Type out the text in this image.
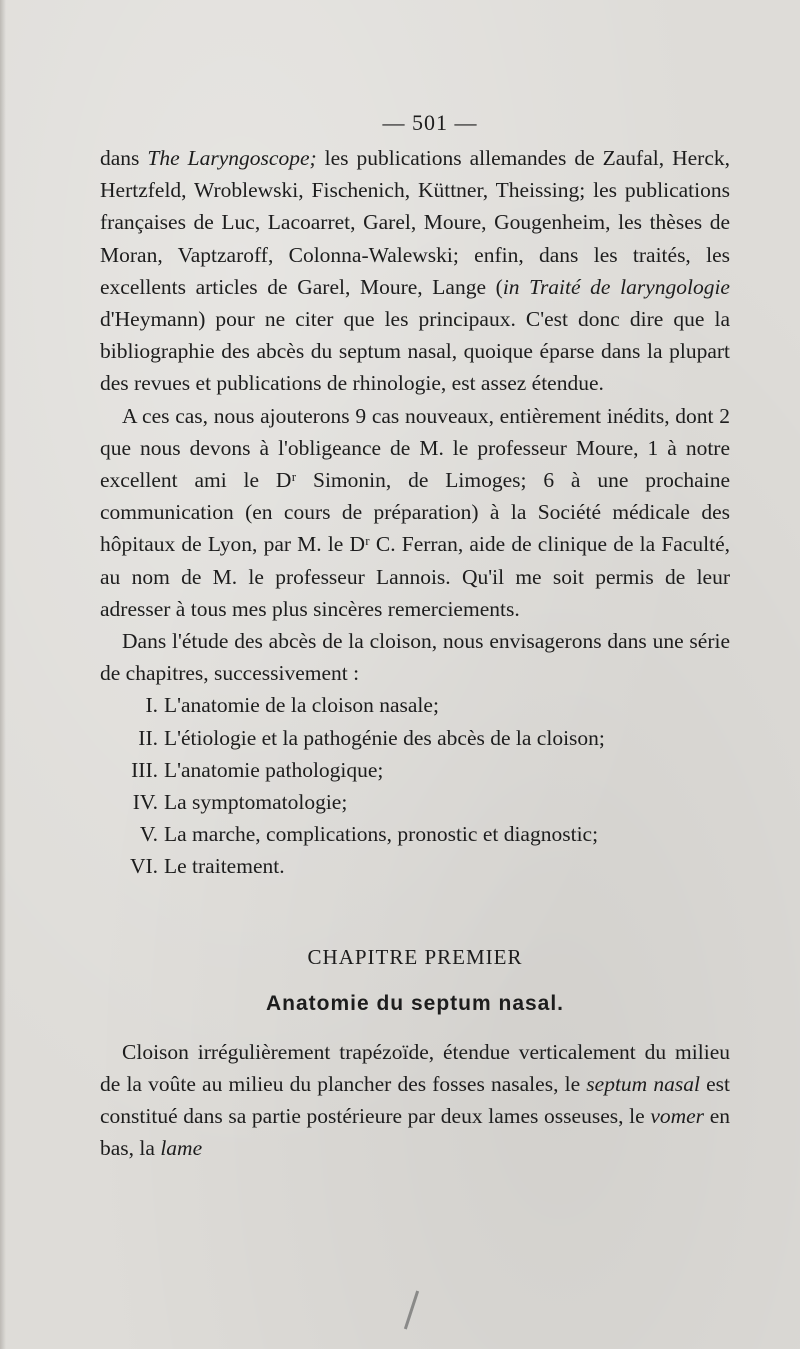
— 501 —

dans The Laryngoscope; les publications allemandes de Zaufal, Herck, Hertzfeld, Wroblewski, Fischenich, Küttner, Theissing; les publications françaises de Luc, Lacoarret, Garel, Moure, Gougenheim, les thèses de Moran, Vaptzaroff, Colonna-Walewski; enfin, dans les traités, les excellents articles de Garel, Moure, Lange (in Traité de laryngologie d'Heymann) pour ne citer que les principaux. C'est donc dire que la bibliographie des abcès du septum nasal, quoique éparse dans la plupart des revues et publications de rhinologie, est assez étendue.

A ces cas, nous ajouterons 9 cas nouveaux, entièrement inédits, dont 2 que nous devons à l'obligeance de M. le professeur Moure, 1 à notre excellent ami le Dʳ Simonin, de Limoges; 6 à une prochaine communication (en cours de préparation) à la Société médicale des hôpitaux de Lyon, par M. le Dʳ C. Ferran, aide de clinique de la Faculté, au nom de M. le professeur Lannois. Qu'il me soit permis de leur adresser à tous mes plus sincères remerciements.

Dans l'étude des abcès de la cloison, nous envisagerons dans une série de chapitres, successivement :

I. L'anatomie de la cloison nasale;
II. L'étiologie et la pathogénie des abcès de la cloison;
III. L'anatomie pathologique;
IV. La symptomatologie;
V. La marche, complications, pronostic et diagnostic;
VI. Le traitement.
CHAPITRE PREMIER
Anatomie du septum nasal.

Cloison irrégulièrement trapézoïde, étendue verticalement du milieu de la voûte au milieu du plancher des fosses nasales, le septum nasal est constitué dans sa partie postérieure par deux lames osseuses, le vomer en bas, la lame
